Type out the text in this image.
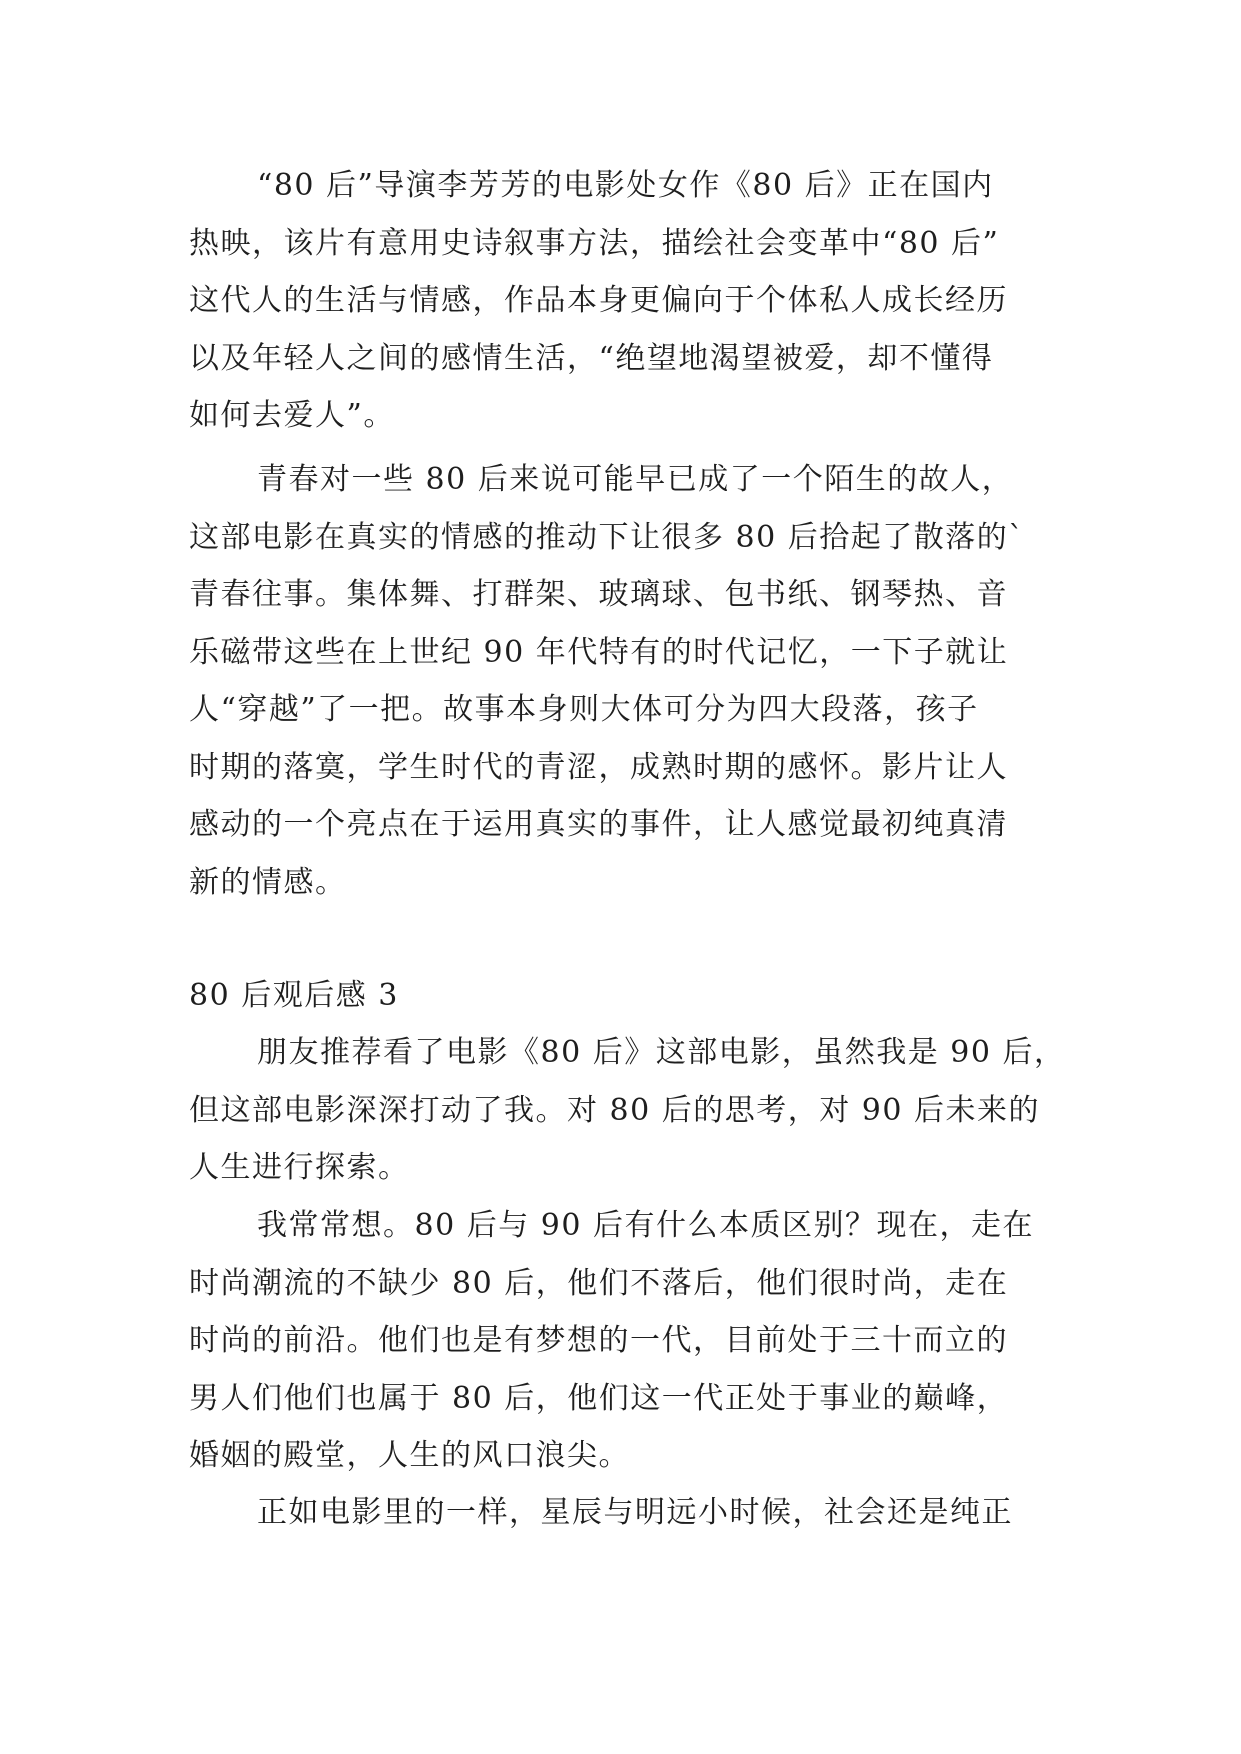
“80 后”导演李芳芳的电影处女作《80 后》正在国内
热映，该片有意用史诗叙事方法，描绘社会变革中“80 后”
这代人的生活与情感，作品本身更偏向于个体私人成长经历
以及年轻人之间的感情生活，“绝望地渴望被爱，却不懂得
如何去爱人”。
青春对一些 80 后来说可能早已成了一个陌生的故人，
这部电影在真实的情感的推动下让很多 80 后拾起了散落的`
青春往事。集体舞、打群架、玻璃球、包书纸、钢琴热、音
乐磁带这些在上世纪 90 年代特有的时代记忆，一下子就让
人“穿越”了一把。故事本身则大体可分为四大段落，孩子
时期的落寞，学生时代的青涩，成熟时期的感怀。影片让人
感动的一个亮点在于运用真实的事件，让人感觉最初纯真清
新的情感。
80 后观后感 3
朋友推荐看了电影《80 后》这部电影，虽然我是 90 后，
但这部电影深深打动了我。对 80 后的思考，对 90 后未来的
人生进行探索。
我常常想。80 后与 90 后有什么本质区别？现在，走在
时尚潮流的不缺少 80 后，他们不落后，他们很时尚，走在
时尚的前沿。他们也是有梦想的一代，目前处于三十而立的
男人们他们也属于 80 后，他们这一代正处于事业的巅峰，
婚姻的殿堂，人生的风口浪尖。
正如电影里的一样，星辰与明远小时候，社会还是纯正
